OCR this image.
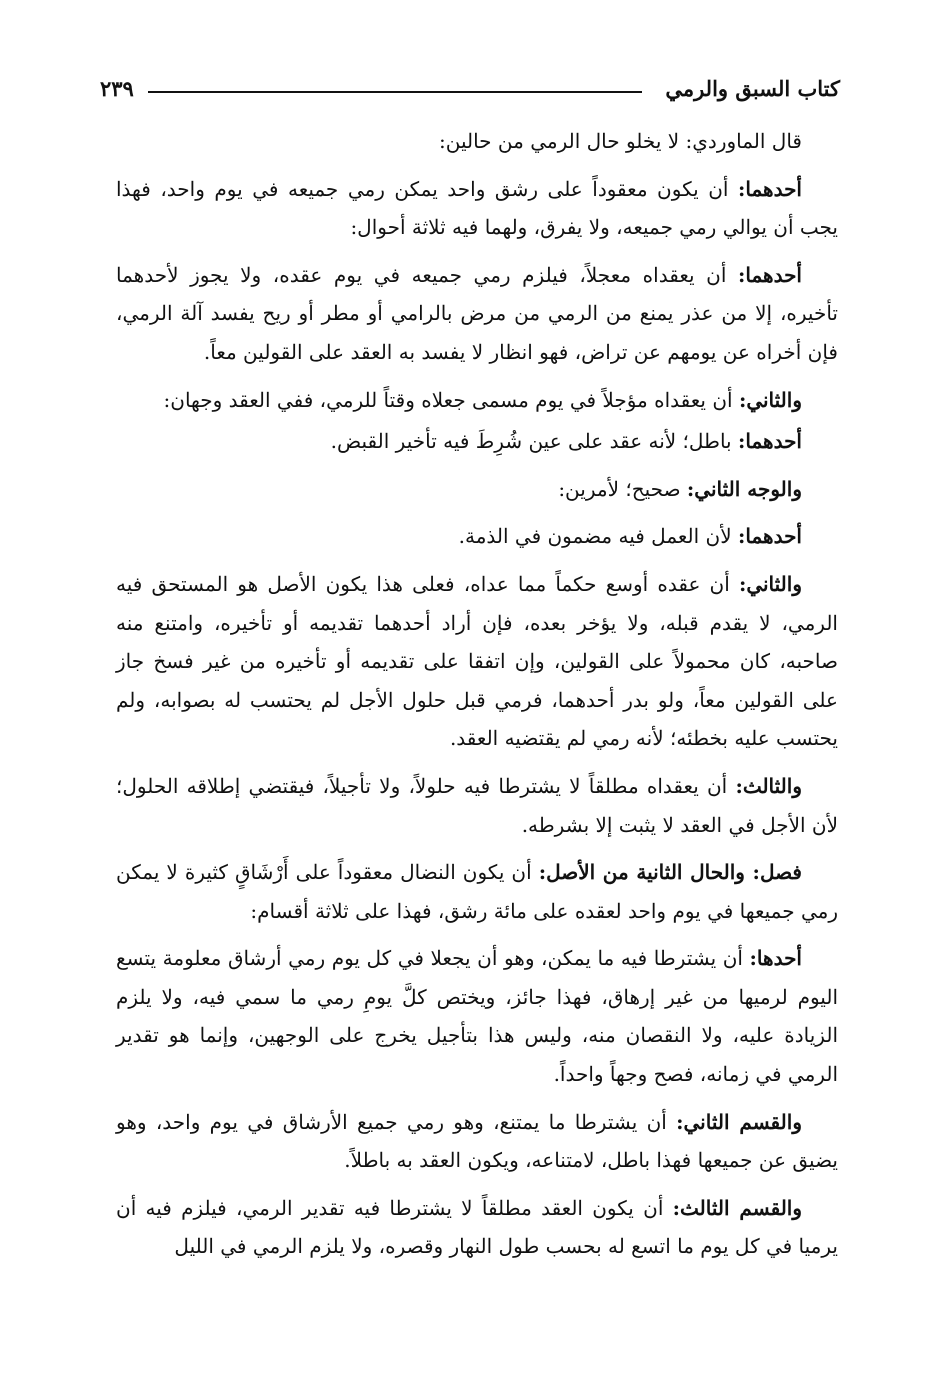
كتاب السبق والرمي
٢٣٩

قال الماوردي: لا يخلو حال الرمي من حالين:

أحدهما: أن يكون معقوداً على رشق واحد يمكن رمي جميعه في يوم واحد، فهذا يجب أن يوالي رمي جميعه، ولا يفرق، ولهما فيه ثلاثة أحوال:

أحدهما: أن يعقداه معجلاً، فيلزم رمي جميعه في يوم عقده، ولا يجوز لأحدهما تأخيره، إلا من عذر يمنع من الرمي من مرض بالرامي أو مطر أو ريح يفسد آلة الرمي، فإن أخراه عن يومهم عن تراض، فهو انظار لا يفسد به العقد على القولين معاً.

والثاني: أن يعقداه مؤجلاً في يوم مسمى جعلاه وقتاً للرمي، ففي العقد وجهان:

أحدهما: باطل؛ لأنه عقد على عين شُرِطَ فيه تأخير القبض.

والوجه الثاني: صحيح؛ لأمرين:

أحدهما: لأن العمل فيه مضمون في الذمة.

والثاني: أن عقده أوسع حكماً مما عداه، فعلى هذا يكون الأصل هو المستحق فيه الرمي، لا يقدم قبله، ولا يؤخر بعده، فإن أراد أحدهما تقديمه أو تأخيره، وامتنع منه صاحبه، كان محمولاً على القولين، وإن اتفقا على تقديمه أو تأخيره من غير فسخ جاز على القولين معاً، ولو بدر أحدهما، فرمي قبل حلول الأجل لم يحتسب له بصوابه، ولم يحتسب عليه بخطئه؛ لأنه رمي لم يقتضيه العقد.

والثالث: أن يعقداه مطلقاً لا يشترطا فيه حلولاً، ولا تأجيلاً، فيقتضي إطلاقه الحلول؛ لأن الأجل في العقد لا يثبت إلا بشرطه.

فصل: والحال الثانية من الأصل: أن يكون النضال معقوداً على أَرْشَاقٍ كثيرة لا يمكن رمي جميعها في يوم واحد لعقده على مائة رشق، فهذا على ثلاثة أقسام:

أحدها: أن يشترطا فيه ما يمكن، وهو أن يجعلا في كل يوم رمي أرشاق معلومة يتسع اليوم لرميها من غير إرهاق، فهذا جائز، ويختص كلَّ يومِ رمي ما سمي فيه، ولا يلزم الزيادة عليه، ولا النقصان منه، وليس هذا بتأجيل يخرج على الوجهين، وإنما هو تقدير الرمي في زمانه، فصح وجهاً واحداً.

والقسم الثاني: أن يشترطا ما يمتنع، وهو رمي جميع الأرشاق في يوم واحد، وهو يضيق عن جميعها فهذا باطل، لامتناعه، ويكون العقد به باطلاً.

والقسم الثالث: أن يكون العقد مطلقاً لا يشترطا فيه تقدير الرمي، فيلزم فيه أن يرميا في كل يوم ما اتسع له بحسب طول النهار وقصره، ولا يلزم الرمي في الليل
